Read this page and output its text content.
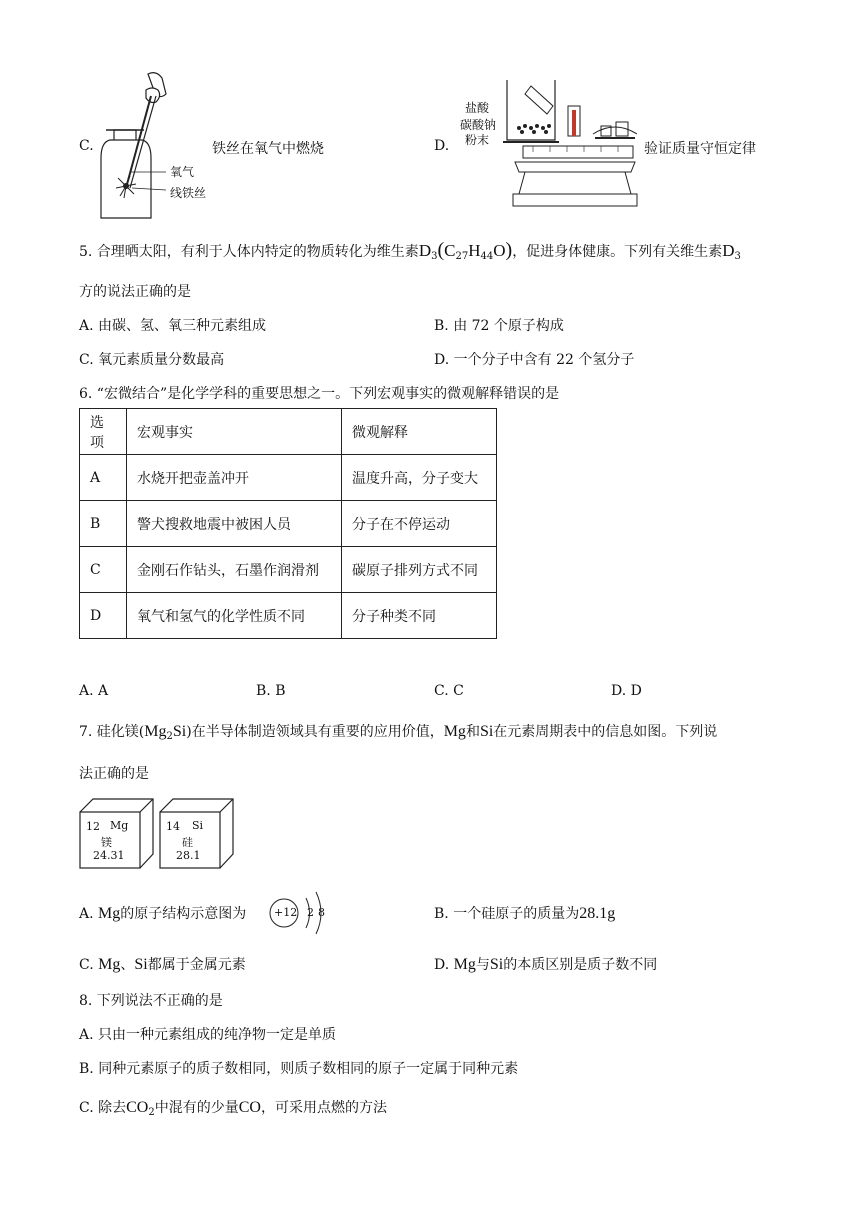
C.
氧气
线铁丝
铁丝在氧气中燃烧	D.
盐酸
碳酸钠
粉末
验证质量守恒定律
5. 合理晒太阳，有利于人体内特定的物质转化为维生素$D_3(C_{27}H_{44}O)$，促进身体健康。下列有关维生素$D_3$
方的说法正确的是
A. 由碳、氢、氧三种元素组成	B. 由 72 个原子构成
C. 氧元素质量分数最高	D. 一个分子中含有 22 个氢分子
6. “宏微结合”是化学学科的重要思想之一。下列宏观事实的微观解释错误的是
选项	宏观事实	微观解释
A	水烧开把壶盖冲开	温度升高，分子变大
B	警犬搜救地震中被困人员	分子在不停运动
C	金刚石作钻头，石墨作润滑剂	碳原子排列方式不同
D	氧气和氢气的化学性质不同	分子种类不同
A. A	B. B	C. C	D. D
7. 硅化镁$(Mg_2Si)$在半导体制造领域具有重要的应用价值，Mg和Si在元素周期表中的信息如图。下列说
法正确的是
12 Mg
镁
24.31
14 Si
硅
28.1
A. Mg的原子结构示意图为	+12 2 8	B. 一个硅原子的质量为28.1g
C. Mg、Si都属于金属元素	D. Mg与Si的本质区别是质子数不同
8. 下列说法不正确的是
A. 只由一种元素组成的纯净物一定是单质
B. 同种元素原子的质子数相同，则质子数相同的原子一定属于同种元素
C. 除去$CO_2$中混有的少量CO，可采用点燃的方法
